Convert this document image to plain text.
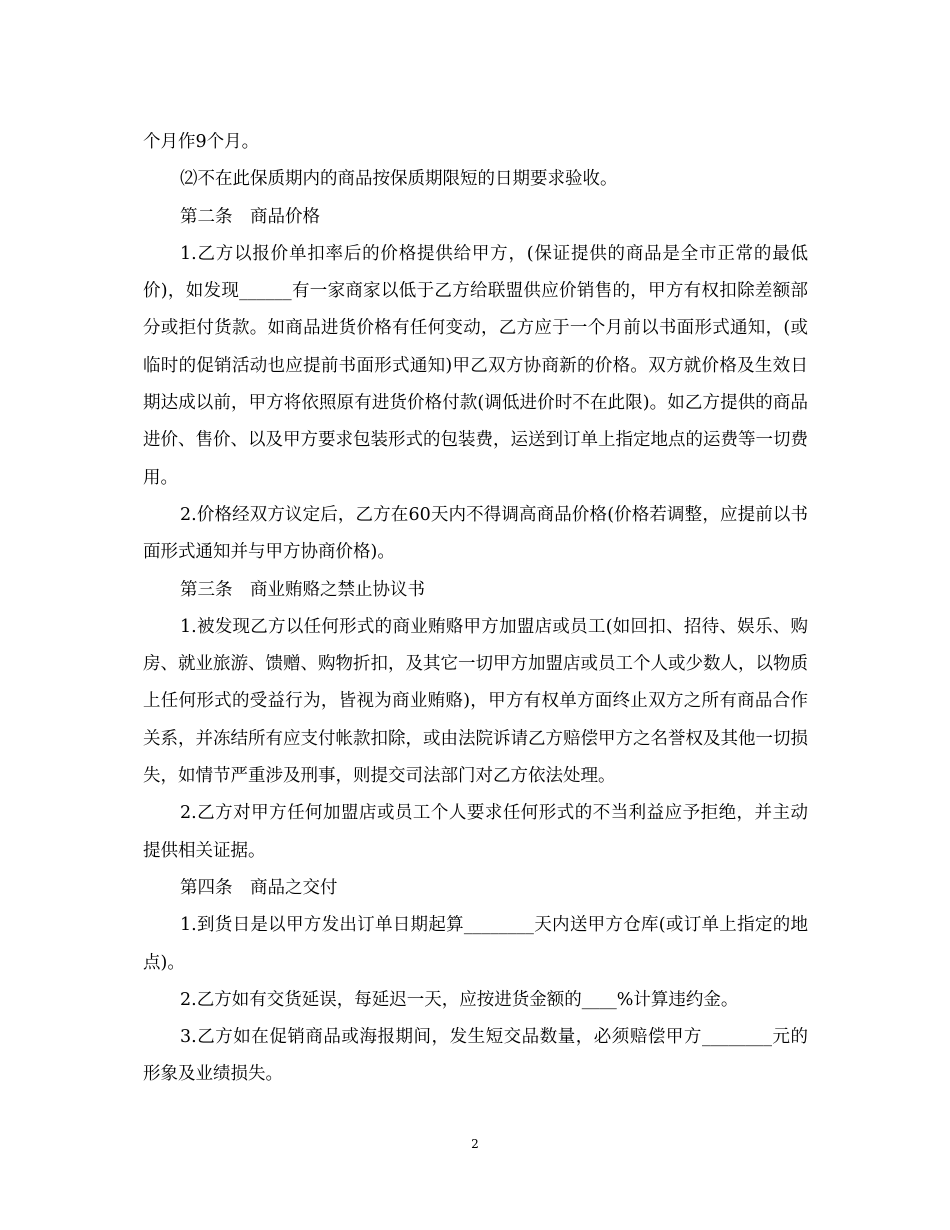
个月作9个月。

⑵不在此保质期内的商品按保质期限短的日期要求验收。

第二条　商品价格

1.乙方以报价单扣率后的价格提供给甲方，(保证提供的商品是全市正常的最低价)，如发现______有一家商家以低于乙方给联盟供应价销售的，甲方有权扣除差额部分或拒付货款。如商品进货价格有任何变动，乙方应于一个月前以书面形式通知，(或临时的促销活动也应提前书面形式通知)甲乙双方协商新的价格。双方就价格及生效日期达成以前，甲方将依照原有进货价格付款(调低进价时不在此限)。如乙方提供的商品进价、售价、以及甲方要求包装形式的包装费，运送到订单上指定地点的运费等一切费用。

2.价格经双方议定后，乙方在60天内不得调高商品价格(价格若调整，应提前以书面形式通知并与甲方协商价格)。

第三条　商业贿赂之禁止协议书

1.被发现乙方以任何形式的商业贿赂甲方加盟店或员工(如回扣、招待、娱乐、购房、就业旅游、馈赠、购物折扣，及其它一切甲方加盟店或员工个人或少数人，以物质上任何形式的受益行为，皆视为商业贿赂)，甲方有权单方面终止双方之所有商品合作关系，并冻结所有应支付帐款扣除，或由法院诉请乙方赔偿甲方之名誉权及其他一切损失，如情节严重涉及刑事，则提交司法部门对乙方依法处理。

2.乙方对甲方任何加盟店或员工个人要求任何形式的不当利益应予拒绝，并主动提供相关证据。

第四条　商品之交付

1.到货日是以甲方发出订单日期起算________天内送甲方仓库(或订单上指定的地点)。

2.乙方如有交货延误，每延迟一天，应按进货金额的____%计算违约金。

3.乙方如在促销商品或海报期间，发生短交品数量，必须赔偿甲方________元的形象及业绩损失。

2
